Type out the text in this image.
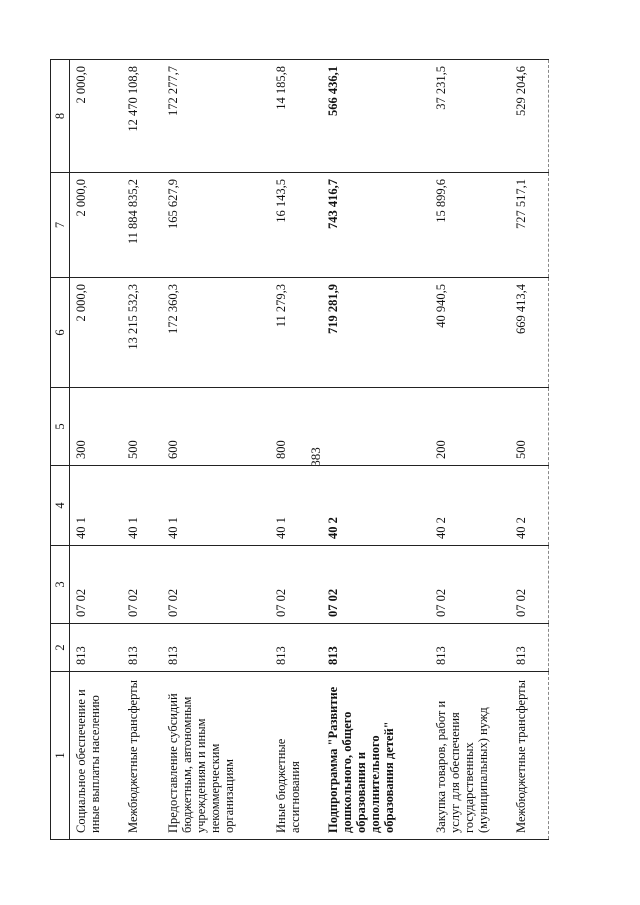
383
1	2	3	4	5	6	7	8
Социальное обеспечение и иные выплаты населению	813	07 02	40 1	300	2 000,0	2 000,0	2 000,0
Межбюджетные трансферты	813	07 02	40 1	500	13 215 532,3	11 884 835,2	12 470 108,8
Предоставление субсидий бюджетным, автономным учреждениям и иным некоммерческим организациям	813	07 02	40 1	600	172 360,3	165 627,9	172 277,7
Иные бюджетные ассигнования	813	07 02	40 1	800	11 279,3	16 143,5	14 185,8
Подпрограмма "Развитие дошкольного, общего образования и дополнительного образования детей"	813	07 02	40 2		719 281,9	743 416,7	566 436,1
Закупка товаров, работ и услуг для обеспечения государственных (муниципальных) нужд	813	07 02	40 2	200	40 940,5	15 899,6	37 231,5
Межбюджетные трансферты	813	07 02	40 2	500	669 413,4	727 517,1	529 204,6
